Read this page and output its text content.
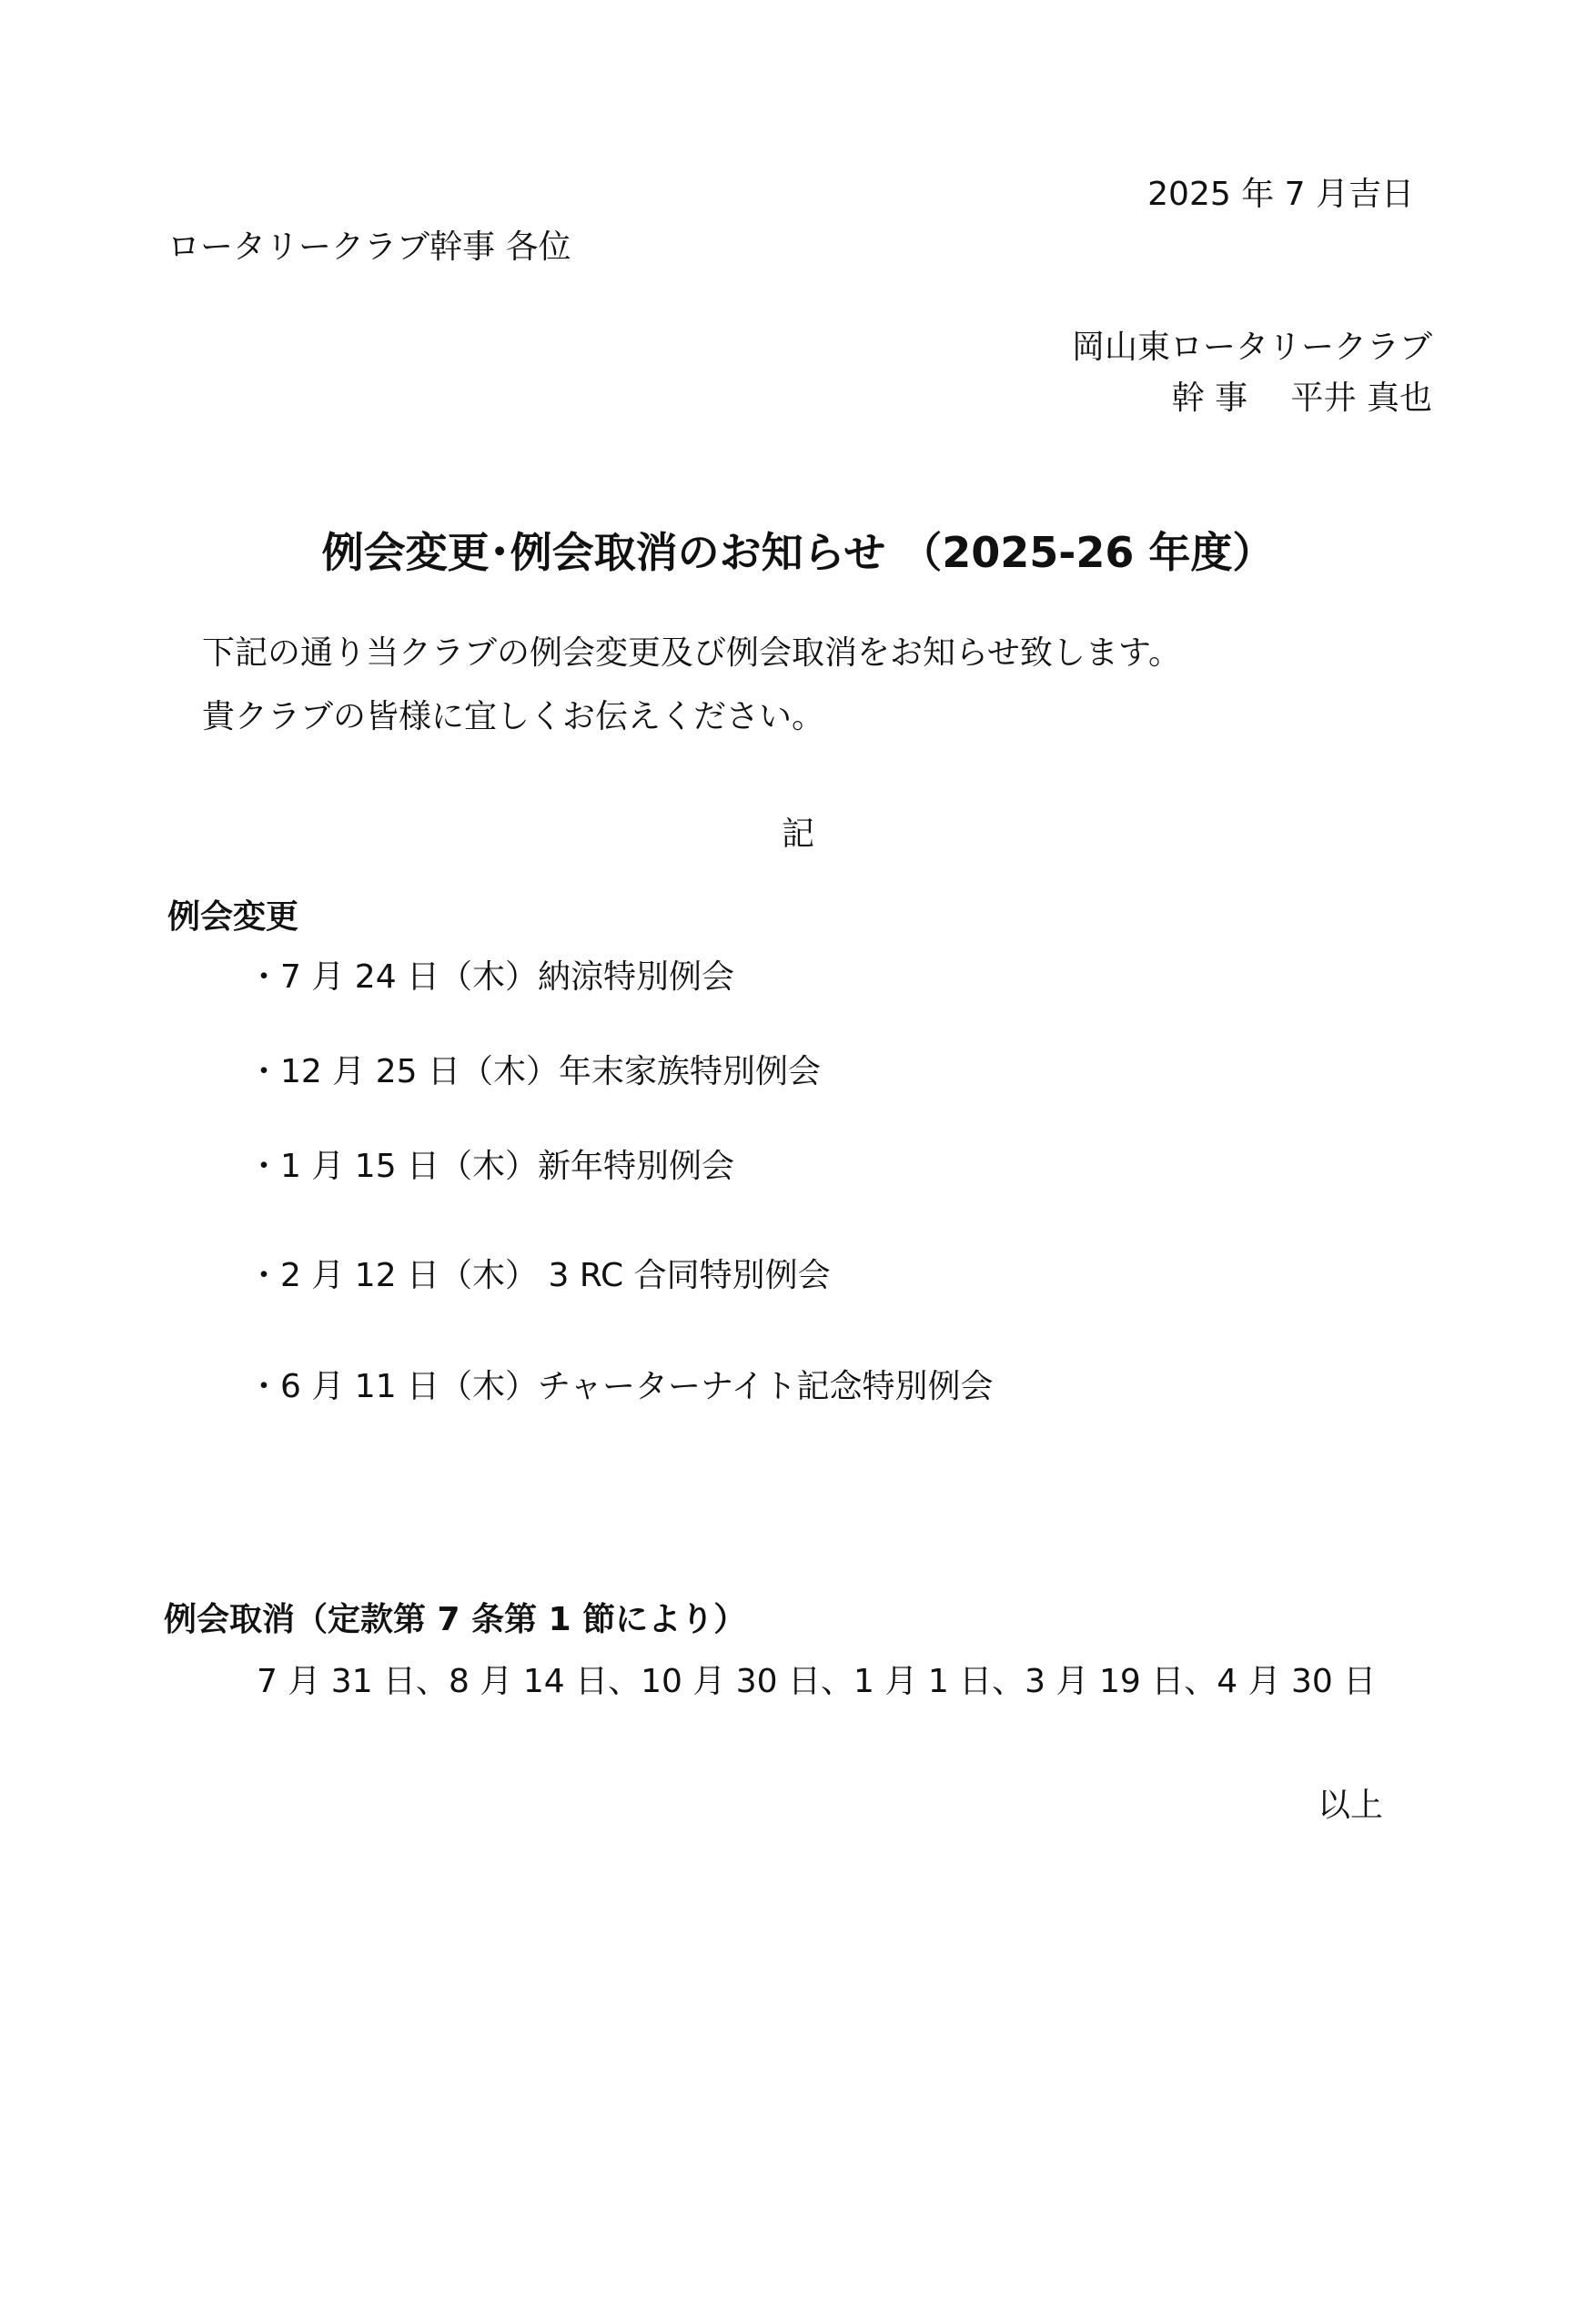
2025 年 7 月吉日
ロータリークラブ幹事 各位
岡山東ロータリークラブ
幹 事　 平井 真也
例会変更･例会取消のお知らせ （2025-26 年度）
下記の通り当クラブの例会変更及び例会取消をお知らせ致します。
貴クラブの皆様に宜しくお伝えください。
記
例会変更
・7 月 24 日（木）納涼特別例会
・12 月 25 日（木）年末家族特別例会
・1 月 15 日（木）新年特別例会
・2 月 12 日（木） 3 RC 合同特別例会
・6 月 11 日（木）チャーターナイト記念特別例会
例会取消（定款第 7 条第 1 節により）
7 月 31 日、8 月 14 日、10 月 30 日、1 月 1 日、3 月 19 日、4 月 30 日
以上
